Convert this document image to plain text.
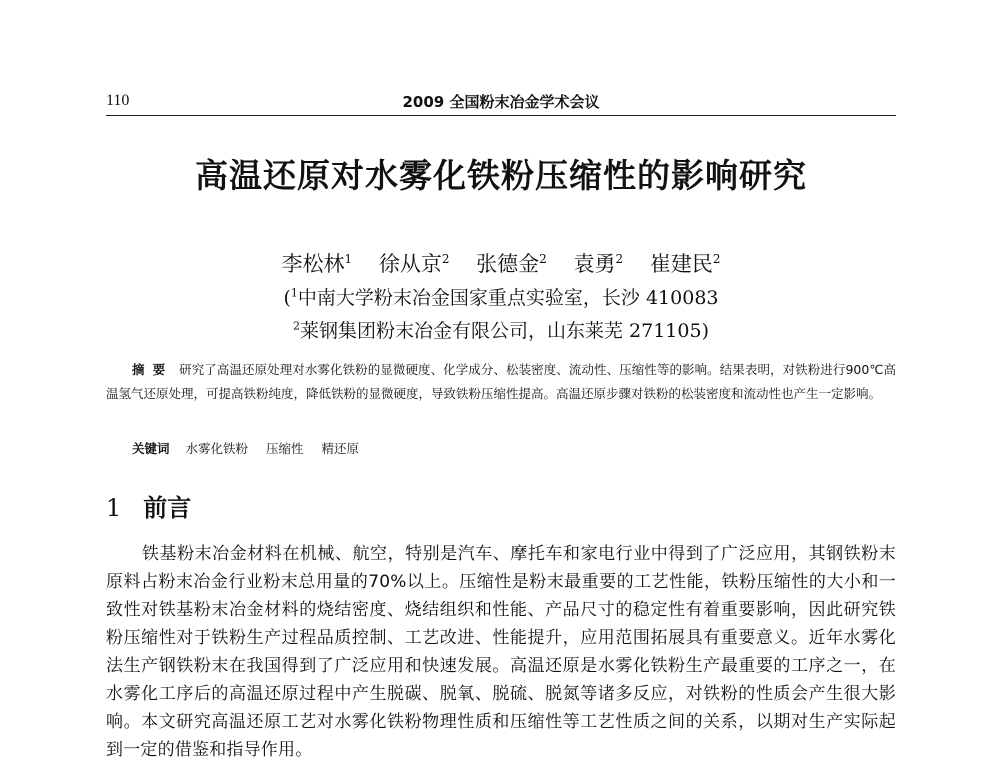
110	2009 全国粉末冶金学术会议
高温还原对水雾化铁粉压缩性的影响研究
李松林$^1$ 徐从京$^2$ 张德金$^2$ 袁勇$^2$ 崔建民$^2$
($^1$中南大学粉末冶金国家重点实验室，长沙 410083
$^2$莱钢集团粉末冶金有限公司，山东莱芜 271105)
摘要 研究了高温还原处理对水雾化铁粉的显微硬度、化学成分、松装密度、流动性、压缩性等的影响。结果表明，对铁粉进行900℃高温氢气还原处理，可提高铁粉纯度，降低铁粉的显微硬度，导致铁粉压缩性提高。高温还原步骤对铁粉的松装密度和流动性也产生一定影响。
关键词 水雾化铁粉 压缩性 精还原
1 前言
铁基粉末冶金材料在机械、航空，特别是汽车、摩托车和家电行业中得到了广泛应用，其钢铁粉末原料占粉末冶金行业粉末总用量的70%以上。压缩性是粉末最重要的工艺性能，铁粉压缩性的大小和一致性对铁基粉末冶金材料的烧结密度、烧结组织和性能、产品尺寸的稳定性有着重要影响，因此研究铁粉压缩性对于铁粉生产过程品质控制、工艺改进、性能提升，应用范围拓展具有重要意义。近年水雾化法生产钢铁粉末在我国得到了广泛应用和快速发展。高温还原是水雾化铁粉生产最重要的工序之一，在水雾化工序后的高温还原过程中产生脱碳、脱氧、脱硫、脱氮等诸多反应，对铁粉的性质会产生很大影响。本文研究高温还原工艺对水雾化铁粉物理性质和压缩性等工艺性质之间的关系，以期对生产实际起到一定的借鉴和指导作用。
